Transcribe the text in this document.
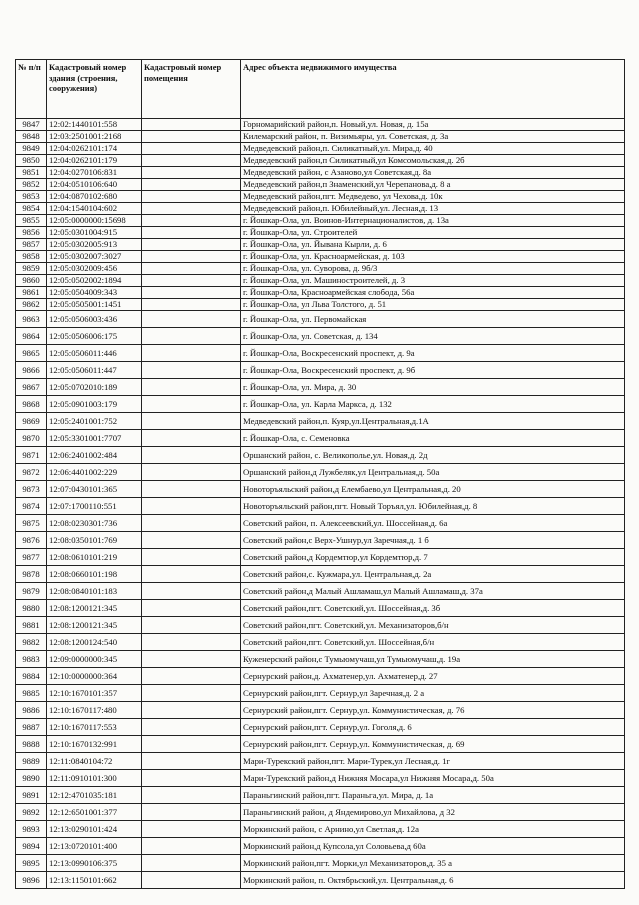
№ п/п	Кадастровый номер здания (строения, сооружения)	Кадастровый номер помещения	Адрес объекта недвижимого имущества
9847	12:02:1440101:558		Горномарийский район,п. Новый,ул. Новая, д. 15а
9848	12:03:2501001:2168		Килемарский район, п. Визимьяры, ул. Советская, д. 3а
9849	12:04:0262101:174		Медведевский район,п. Силикатный,ул. Мира,д. 40
9850	12:04:0262101:179		Медведевский район,п Силикатный,ул Комсомольская,д. 2б
9851	12:04:0270106:831		Медведевский район, с Азаново,ул Советская,д. 8а
9852	12:04:0510106:640		Медведевский район,п Знаменский,ул Черепанова,д. 8 а
9853	12:04:0870102:680		Медведевский район,пгт. Медведево, ул Чехова,д. 10к
9854	12:04:1540104:602		Медведевский район,п. Юбилейный,ул. Лесная,д. 13
9855	12:05:0000000:15698		г. Йошкар-Ола, ул. Воинов-Интернационалистов, д. 13а
9856	12:05:0301004:915		г. Йошкар-Ола, ул. Строителей
9857	12:05:0302005:913		г. Йошкар-Ола, ул. Йывана Кырли, д. 6
9858	12:05:0302007:3027		г. Йошкар-Ола, ул. Красноармейская, д. 103
9859	12:05:0302009:456		г. Йошкар-Ола, ул. Суворова, д. 9б/3
9860	12:05:0502002:1894		г. Йошкар-Ола, ул. Машиностроителей, д. 3
9861	12:05:0504009:343		г. Йошкар-Ола, Красноармейская слобода, 56а
9862	12:05:0505001:1451		г. Йошкар-Ола, ул Льва Толстого, д. 51
9863	12:05:0506003:436		г. Йошкар-Ола, ул. Первомайская
9864	12:05:0506006:175		г. Йошкар-Ола, ул. Советская, д. 134
9865	12:05:0506011:446		г. Йошкар-Ола, Воскресенский проспект, д. 9а
9866	12:05:0506011:447		г. Йошкар-Ола, Воскресенский проспект, д. 9б
9867	12:05:0702010:189		г. Йошкар-Ола, ул. Мира, д. 30
9868	12:05:0901003:179		г. Йошкар-Ола, ул. Карла Маркса, д. 132
9869	12:05:2401001:752		Медведевский район,п. Куяр,ул.Центральная,д.1А
9870	12:05:3301001:7707		г. Йошкар-Ола, с. Семеновка
9871	12:06:2401002:484		Оршанский район, с. Великополье,ул. Новая,д. 2д
9872	12:06:4401002:229		Оршанский район,д Лужбеляк,ул Центральная,д. 50а
9873	12:07:0430101:365		Новоторъяльский район,д Елембаево,ул Центральная,д. 20
9874	12:07:1700110:551		Новоторъяльский район,пгт. Новый Торъял,ул. Юбилейная,д. 8
9875	12:08:0230301:736		Советский район, п. Алексеевский,ул. Шоссейная,д. 6а
9876	12:08:0350101:769		Советский район,с Верх-Ушнур,ул Заречная,д. 1 б
9877	12:08:0610101:219		Советский район,д Кордемтюр,ул Кордемтюр,д. 7
9878	12:08:0660101:198		Советский район,с. Кужмара,ул. Центральная,д. 2а
9879	12:08:0840101:183		Советский район,д Малый Ашламаш,ул Малый Ашламаш,д. 37а
9880	12:08:1200121:345		Советский район,пгт. Советский,ул. Шоссейная,д. 3б
9881	12:08:1200121:345		Советский район,пгт. Советский,ул. Механизаторов,б/н
9882	12:08:1200124:540		Советский район,пгт. Советский,ул. Шоссейная,б/н
9883	12:09:0000000:345		Куженерский район,с Тумьюмучаш,ул Тумьюмучаш,д. 19а
9884	12:10:0000000:364		Сернурский район,д. Ахматенер,ул. Ахматенер,д. 27
9885	12:10:1670101:357		Сернурский район,пгт. Сернур,ул Заречная,д. 2 а
9886	12:10:1670117:480		Сернурский район,пгт. Сернур,ул. Коммунистическая, д. 76
9887	12:10:1670117:553		Сернурский район,пгт. Сернур,ул. Гоголя,д. 6
9888	12:10:1670132:991		Сернурский район,пгт. Сернур,ул. Коммунистическая, д. 69
9889	12:11:0840104:72		Мари-Турекский район,пгт. Мари-Турек,ул Лесная,д. 1г
9890	12:11:0910101:300		Мари-Турекский район,д Нижняя Мосара,ул Нижняя Мосара,д. 50а
9891	12:12:4701035:181		Параньгинский район,пгт. Параньга,ул. Мира, д. 1а
9892	12:12:6501001:377		Параньгинский район, д Яндемирово,ул Михайлова, д 32
9893	12:13:0290101:424		Моркинский район, с Арнино,ул Светлая,д. 12а
9894	12:13:0720101:400		Моркинский район,д Купсола,ул Соловьева,д 60а
9895	12:13:0990106:375		Моркинский район,пгт. Морки,ул Механизаторов,д. 35 а
9896	12:13:1150101:662		Моркинский район, п. Октябрьский,ул. Центральная,д. 6
